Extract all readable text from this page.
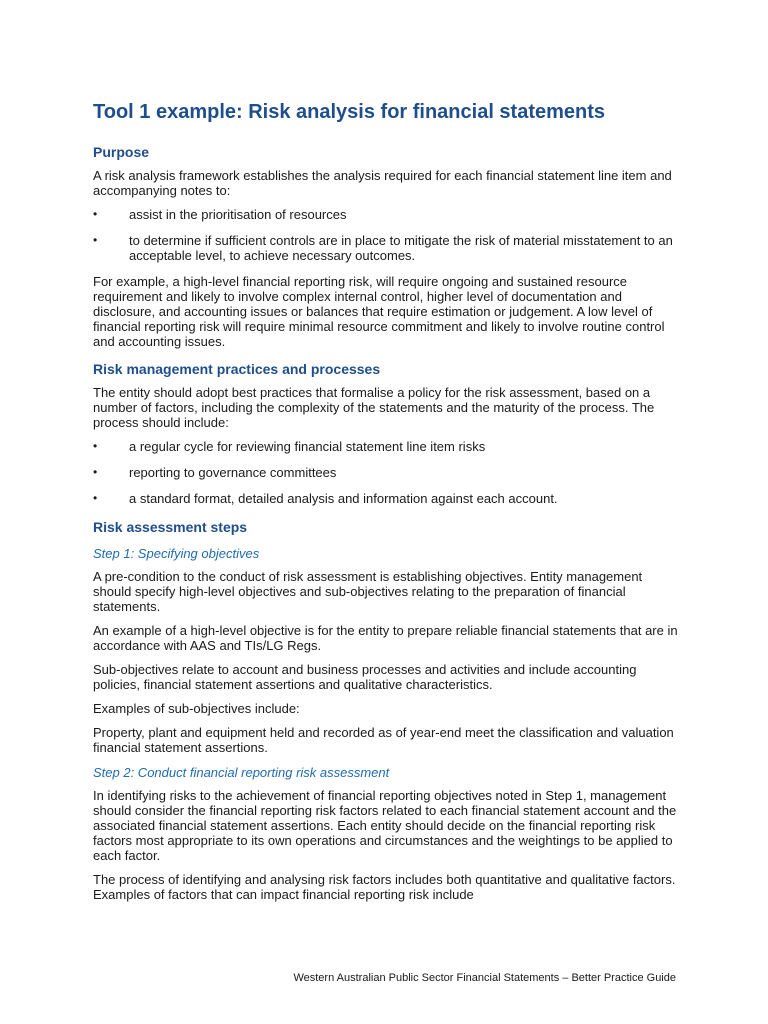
Tool 1 example: Risk analysis for financial statements
Purpose

A risk analysis framework establishes the analysis required for each financial statement line item and accompanying notes to:

• assist in the prioritisation of resources
• to determine if sufficient controls are in place to mitigate the risk of material misstatement to an acceptable level, to achieve necessary outcomes.

For example, a high-level financial reporting risk, will require ongoing and sustained resource requirement and likely to involve complex internal control, higher level of documentation and disclosure, and accounting issues or balances that require estimation or judgement. A low level of financial reporting risk will require minimal resource commitment and likely to involve routine control and accounting issues.

Risk management practices and processes

The entity should adopt best practices that formalise a policy for the risk assessment, based on a number of factors, including the complexity of the statements and the maturity of the process. The process should include:

• a regular cycle for reviewing financial statement line item risks
• reporting to governance committees
• a standard format, detailed analysis and information against each account.
Risk assessment steps
Step 1: Specifying objectives

A pre-condition to the conduct of risk assessment is establishing objectives. Entity management should specify high-level objectives and sub-objectives relating to the preparation of financial statements.

An example of a high-level objective is for the entity to prepare reliable financial statements that are in accordance with AAS and TIs/LG Regs.

Sub-objectives relate to account and business processes and activities and include accounting policies, financial statement assertions and qualitative characteristics.

Examples of sub-objectives include:

Property, plant and equipment held and recorded as of year-end meet the classification and valuation financial statement assertions.

Step 2: Conduct financial reporting risk assessment

In identifying risks to the achievement of financial reporting objectives noted in Step 1, management should consider the financial reporting risk factors related to each financial statement account and the associated financial statement assertions. Each entity should decide on the financial reporting risk factors most appropriate to its own operations and circumstances and the weightings to be applied to each factor.

The process of identifying and analysing risk factors includes both quantitative and qualitative factors. Examples of factors that can impact financial reporting risk include

Western Australian Public Sector Financial Statements – Better Practice Guide
